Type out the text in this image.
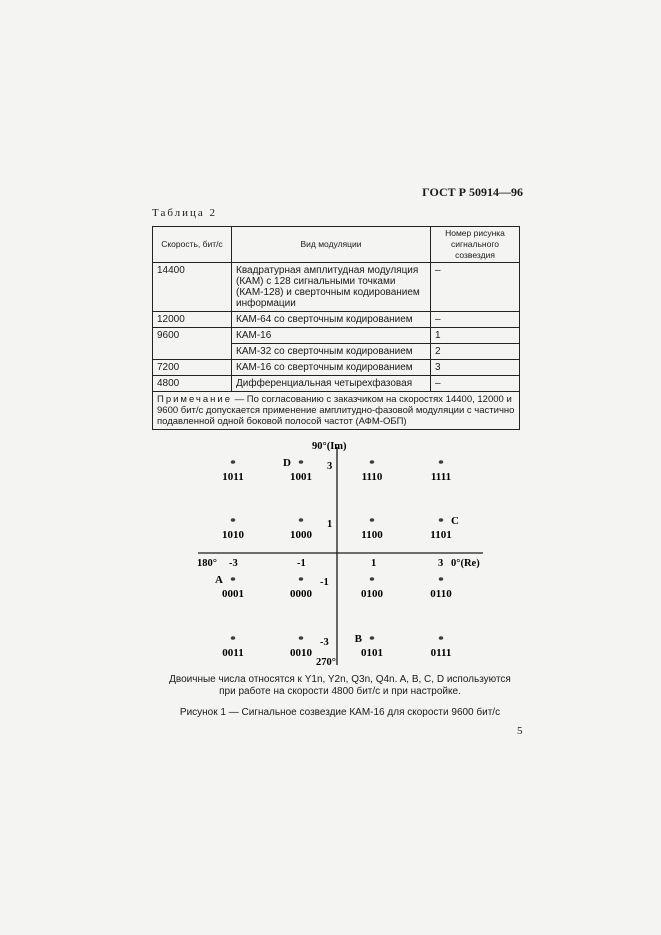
ГОСТ Р 50914—96
Таблица 2
Скорость, бит/с	Вид модуляции	Номер рисунка сигнального созвездия
14400	Квадратурная амплитудная модуляция (КАМ) с 128 сигнальными точками (КАМ-128) и сверточным кодированием информации	–
12000	КАМ-64 со сверточным кодированием	–
9600	КАМ-16	1
	КАМ-32 со сверточным кодированием	2
7200	КАМ-16 со сверточным кодированием	3
4800	Дифференциальная четырехфазовая	–
Примечание — По согласованию с заказчиком на скоростях 14400, 12000 и 9600 бит/с допускается применение амплитудно-фазовой модуляции с частично подавленной одной боковой полосой частот (АФМ-ОБП)		
90°(Im)
270°
180°	0°(Re)
-3	-1	1	3
3
1
-1
-3
*
1011
*
1001
D	*
1110
*
1111
*
1010
*
1000
*
1100
*
1101
C
*
0001
A	*
0000
*
0100
*
0110
*
0011
*
0010
*
0101
B	*
0111
Двоичные числа относятся к Y1n, Y2n, Q3n, Q4n. A, B, C, D используются
при работе на скорости 4800 бит/с и при настройке.
Рисунок 1 — Сигнальное созвездие КАМ-16 для скорости 9600 бит/с
5
